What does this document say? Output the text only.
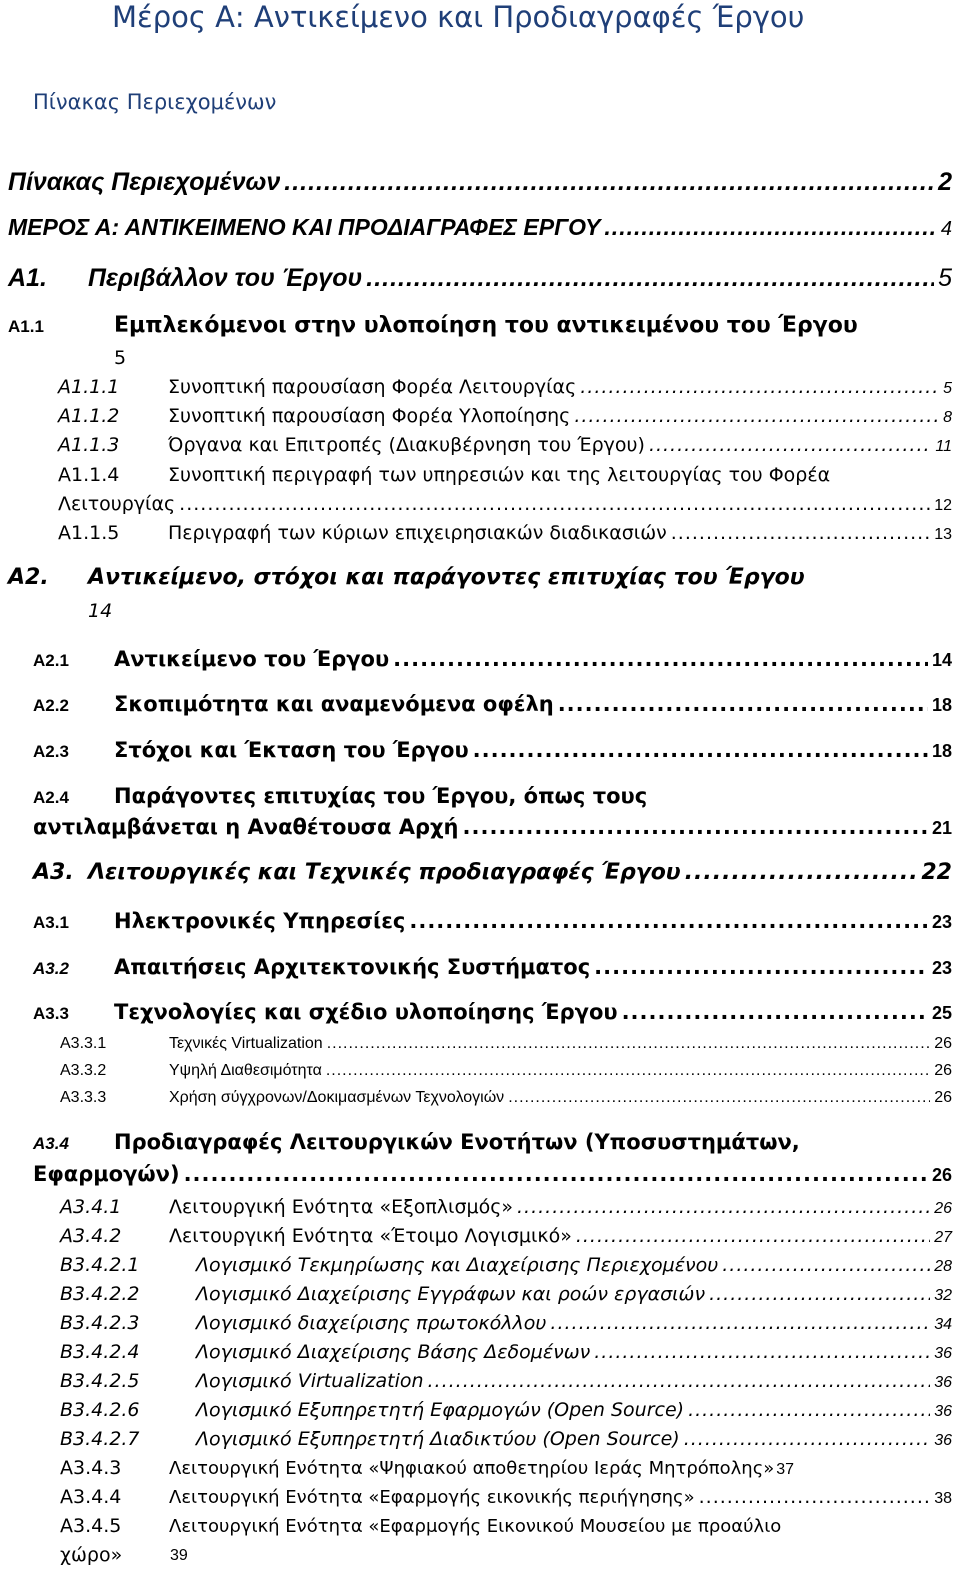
Μέρος Α: Αντικείμενο και Προδιαγραφές Έργου
Πίνακας Περιεχομένων
Πίνακας Περιεχομένων .....	2
ΜΕΡΟΣ Α: ΑΝΤΙΚΕΙΜΕΝΟ ΚΑΙ ΠΡΟΔΙΑΓΡΑΦΕΣ ΕΡΓΟΥ .....	4
Α1.	Περιβάλλον του Έργου .....	5
Α1.1	Εμπλεκόμενοι στην υλοποίηση του αντικειμένου του Έργου
5
Α1.1.1	Συνοπτική παρουσίαση Φορέα Λειτουργίας .....	5
Α1.1.2	Συνοπτική παρουσίαση Φορέα Υλοποίησης .....	8
Α1.1.3	Όργανα και Επιτροπές (Διακυβέρνηση του Έργου) .....	11
Α1.1.4	Συνοπτική περιγραφή των υπηρεσιών και της λειτουργίας του Φορέα
Λειτουργίας .....	12
Α1.1.5	Περιγραφή των κύριων επιχειρησιακών διαδικασιών .....	13
Α2.	Αντικείμενο, στόχοι και παράγοντες επιτυχίας του Έργου
14
Α2.1	Αντικείμενο του Έργου .....	14
Α2.2	Σκοπιμότητα και αναμενόμενα οφέλη .....	18
Α2.3	Στόχοι και Έκταση του Έργου .....	18
Α2.4	Παράγοντες επιτυχίας του Έργου, όπως τους
αντιλαμβάνεται η Αναθέτουσα Αρχή .....	21
Α3. Λειτουργικές και Τεχνικές προδιαγραφές Έργου .....	22
Α3.1	Ηλεκτρονικές Υπηρεσίες .....	23
Α3.2	Απαιτήσεις Αρχιτεκτονικής Συστήματος .....	23
Α3.3	Τεχνολογίες και σχέδιο υλοποίησης Έργου .....	25
Α3.3.1	Τεχνικές Virtualization .....	26
Α3.3.2	Υψηλή Διαθεσιμότητα .....	26
Α3.3.3	Χρήση σύγχρονων/Δοκιμασμένων Τεχνολογιών .....	26
Α3.4	Προδιαγραφές Λειτουργικών Ενοτήτων (Υποσυστημάτων,
Εφαρμογών) .....	26
Α3.4.1	Λειτουργική Ενότητα «Εξοπλισμός» .....	26
Α3.4.2	Λειτουργική Ενότητα «Έτοιμο Λογισμικό» .....	27
Β3.4.2.1	Λογισμικό Τεκμηρίωσης και Διαχείρισης Περιεχομένου .....	28
Β3.4.2.2	Λογισμικό Διαχείρισης Εγγράφων και ροών εργασιών .....	32
Β3.4.2.3	Λογισμικό διαχείρισης πρωτοκόλλου .....	34
Β3.4.2.4	Λογισμικό Διαχείρισης Βάσης Δεδομένων .....	36
Β3.4.2.5	Λογισμικό Virtualization .....	36
Β3.4.2.6	Λογισμικό Εξυπηρετητή Εφαρμογών (Open Source) .....	36
Β3.4.2.7	Λογισμικό Εξυπηρετητή Διαδικτύου (Open Source) .....	36
Α3.4.3	Λειτουργική Ενότητα «Ψηφιακού αποθετηρίου Ιεράς Μητρόπολης» 37
Α3.4.4	Λειτουργική Ενότητα «Εφαρμογής εικονικής περιήγησης» .....	38
Α3.4.5	Λειτουργική Ενότητα «Εφαρμογής Εικονικού Μουσείου με προαύλιο
χώρο»	39
